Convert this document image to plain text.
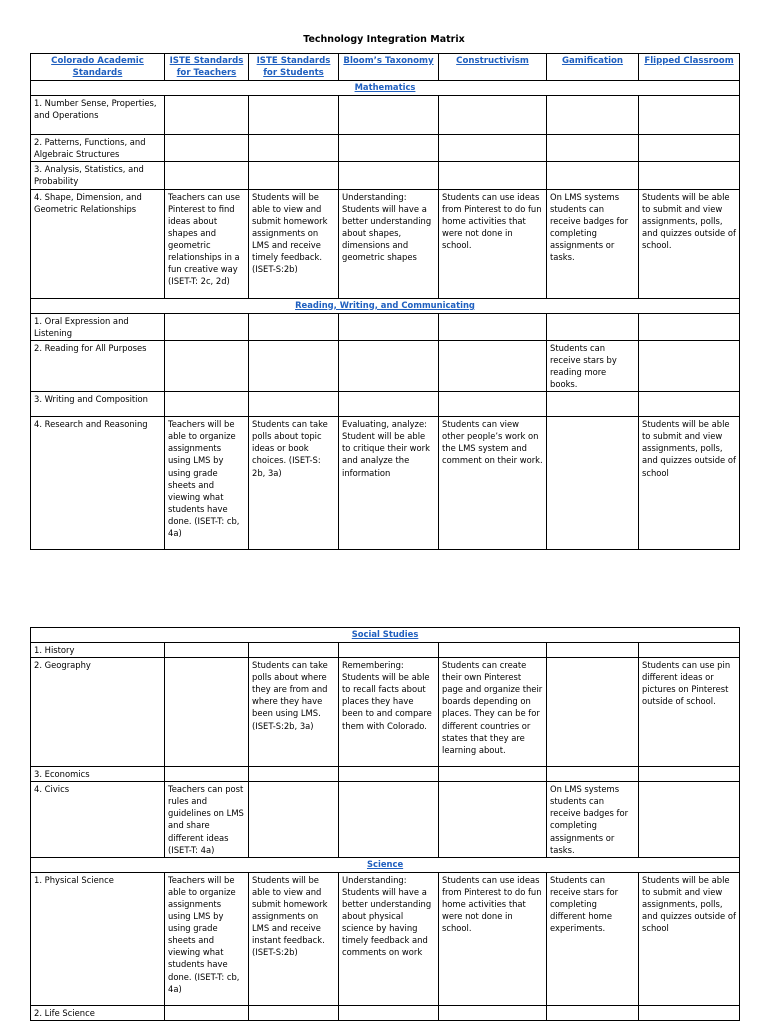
Technology Integration Matrix
Colorado Academic Standards	ISTE Standards for Teachers	ISTE Standards for Students	Bloom’s Taxonomy	Constructivism	Gamification	Flipped Classroom
Mathematics						
1. Number Sense, Properties, and Operations						
2. Patterns, Functions, and Algebraic Structures						
3. Analysis, Statistics, and Probability						
4. Shape, Dimension, and Geometric Relationships	Teachers can use Pinterest to find ideas about shapes and geometric relationships in a fun creative way (ISET-T: 2c, 2d)	Students will be able to view and submit homework assignments on LMS and receive timely feedback. (ISET-S:2b)	Understanding: Students will have a better understanding about shapes, dimensions and geometric shapes	Students can use ideas from Pinterest to do fun home activities that were not done in school.	On LMS systems students can receive badges for completing assignments or tasks.	Students will be able to submit and view assignments, polls, and quizzes outside of school.
Reading, Writing, and Communicating						
1. Oral Expression and Listening						
2. Reading for All Purposes					Students can receive stars by reading more books.	
3. Writing and Composition						
4. Research and Reasoning	Teachers will be able to organize assignments using LMS by using grade sheets and viewing what students have done. (ISET-T: cb, 4a)	Students can take polls about topic ideas or book choices. (ISET-S: 2b, 3a)	Evaluating, analyze: Student will be able to critique their work and analyze the information	Students can view other people’s work on the LMS system and comment on their work.		Students will be able to submit and view assignments, polls, and quizzes outside of school
Social Studies						
1. History						
2. Geography		Students can take polls about where they are from and where they have been using LMS. (ISET-S:2b, 3a)	Remembering: Students will be able to recall facts about places they have been to and compare them with Colorado.	Students can create their own Pinterest page and organize their boards depending on places. They can be for different countries or states that they are learning about.		Students can use pin different ideas or pictures on Pinterest outside of school.
3. Economics						
4. Civics	Teachers can post rules and guidelines on LMS and share different ideas (ISET-T: 4a)				On LMS systems students can receive badges for completing assignments or tasks.	
Science						
1. Physical Science	Teachers will be able to organize assignments using LMS by using grade sheets and viewing what students have done. (ISET-T: cb, 4a)	Students will be able to view and submit homework assignments on LMS and receive instant feedback. (ISET-S:2b)	Understanding: Students will have a better understanding about physical science by having timely feedback and comments on work	Students can use ideas from Pinterest to do fun home activities that were not done in school.	Students can receive stars for completing different home experiments.	Students will be able to submit and view assignments, polls, and quizzes outside of school
2. Life Science						
